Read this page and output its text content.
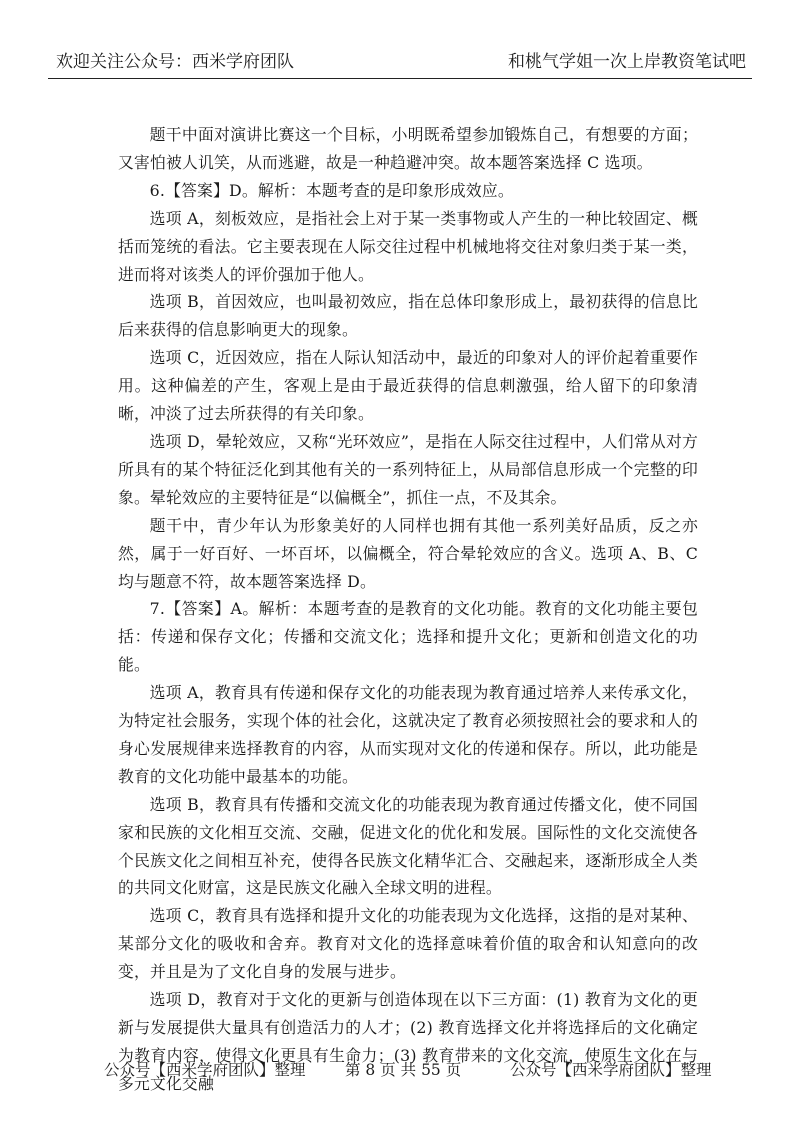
欢迎关注公众号：西米学府团队	和桃气学姐一次上岸教资笔试吧

题干中面对演讲比赛这一个目标，小明既希望参加锻炼自己，有想要的方面；又害怕被人讥笑，从而逃避，故是一种趋避冲突。故本题答案选择 C 选项。

6.【答案】D。解析：本题考查的是印象形成效应。

选项 A，刻板效应，是指社会上对于某一类事物或人产生的一种比较固定、概括而笼统的看法。它主要表现在人际交往过程中机械地将交往对象归类于某一类，进而将对该类人的评价强加于他人。

选项 B，首因效应，也叫最初效应，指在总体印象形成上，最初获得的信息比后来获得的信息影响更大的现象。

选项 C，近因效应，指在人际认知活动中，最近的印象对人的评价起着重要作用。这种偏差的产生，客观上是由于最近获得的信息刺激强，给人留下的印象清晰，冲淡了过去所获得的有关印象。

选项 D，晕轮效应，又称“光环效应”，是指在人际交往过程中，人们常从对方所具有的某个特征泛化到其他有关的一系列特征上，从局部信息形成一个完整的印象。晕轮效应的主要特征是“以偏概全”，抓住一点，不及其余。

题干中，青少年认为形象美好的人同样也拥有其他一系列美好品质，反之亦然，属于一好百好、一坏百坏，以偏概全，符合晕轮效应的含义。选项 A、B、C 均与题意不符，故本题答案选择 D。

7.【答案】A。解析：本题考查的是教育的文化功能。教育的文化功能主要包括：传递和保存文化；传播和交流文化；选择和提升文化；更新和创造文化的功能。

选项 A，教育具有传递和保存文化的功能表现为教育通过培养人来传承文化，为特定社会服务，实现个体的社会化，这就决定了教育必须按照社会的要求和人的身心发展规律来选择教育的内容，从而实现对文化的传递和保存。所以，此功能是教育的文化功能中最基本的功能。

选项 B，教育具有传播和交流文化的功能表现为教育通过传播文化，使不同国家和民族的文化相互交流、交融，促进文化的优化和发展。国际性的文化交流使各个民族文化之间相互补充，使得各民族文化精华汇合、交融起来，逐渐形成全人类的共同文化财富，这是民族文化融入全球文明的进程。

选项 C，教育具有选择和提升文化的功能表现为文化选择，这指的是对某种、某部分文化的吸收和舍弃。教育对文化的选择意味着价值的取舍和认知意向的改变，并且是为了文化自身的发展与进步。

选项 D，教育对于文化的更新与创造体现在以下三方面：(1) 教育为文化的更新与发展提供大量具有创造活力的人才；(2) 教育选择文化并将选择后的文化确定为教育内容，使得文化更具有生命力；(3) 教育带来的文化交流，使原生文化在与多元文化交融

公众号【西米学府团队】整理	第 8 页 共 55 页	公众号【西米学府团队】整理
